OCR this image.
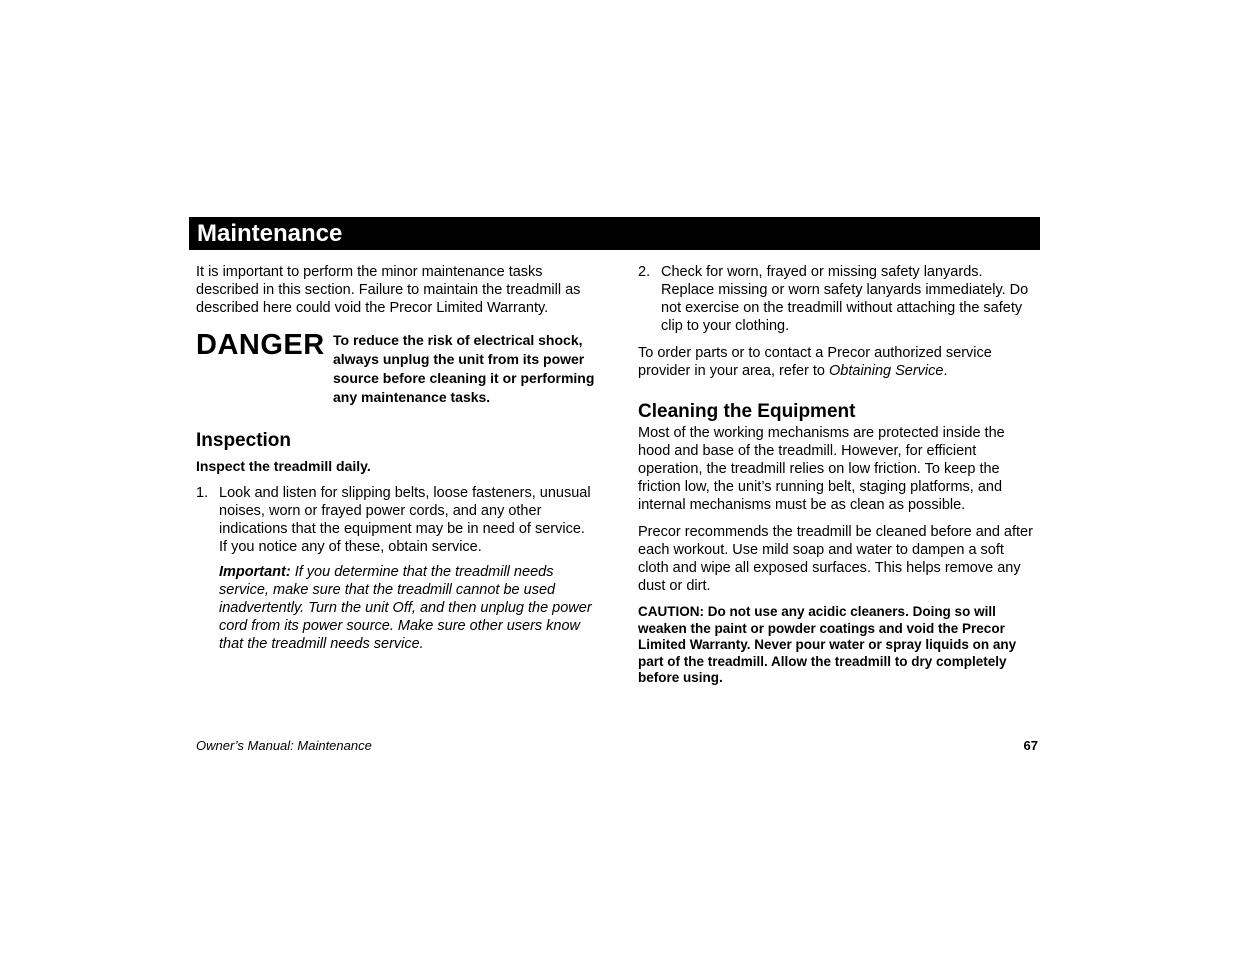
Maintenance

It is important to perform the minor maintenance tasks described in this section. Failure to maintain the treadmill as described here could void the Precor Limited Warranty.

DANGER To reduce the risk of electrical shock, always unplug the unit from its power source before cleaning it or performing any maintenance tasks.
Inspection

Inspect the treadmill daily.

1. Look and listen for slipping belts, loose fasteners, unusual noises, worn or frayed power cords, and any other indications that the equipment may be in need of service. If you notice any of these, obtain service.

Important: If you determine that the treadmill needs service, make sure that the treadmill cannot be used inadvertently. Turn the unit Off, and then unplug the power cord from its power source. Make sure other users know that the treadmill needs service.

2. Check for worn, frayed or missing safety lanyards. Replace missing or worn safety lanyards immediately. Do not exercise on the treadmill without attaching the safety clip to your clothing.

To order parts or to contact a Precor authorized service provider in your area, refer to Obtaining Service.

Cleaning the Equipment

Most of the working mechanisms are protected inside the hood and base of the treadmill. However, for efficient operation, the treadmill relies on low friction. To keep the friction low, the unit’s running belt, staging platforms, and internal mechanisms must be as clean as possible.

Precor recommends the treadmill be cleaned before and after each workout. Use mild soap and water to dampen a soft cloth and wipe all exposed surfaces. This helps remove any dust or dirt.

CAUTION: Do not use any acidic cleaners. Doing so will weaken the paint or powder coatings and void the Precor Limited Warranty. Never pour water or spray liquids on any part of the treadmill. Allow the treadmill to dry completely before using.

Owner’s Manual: Maintenance	67
